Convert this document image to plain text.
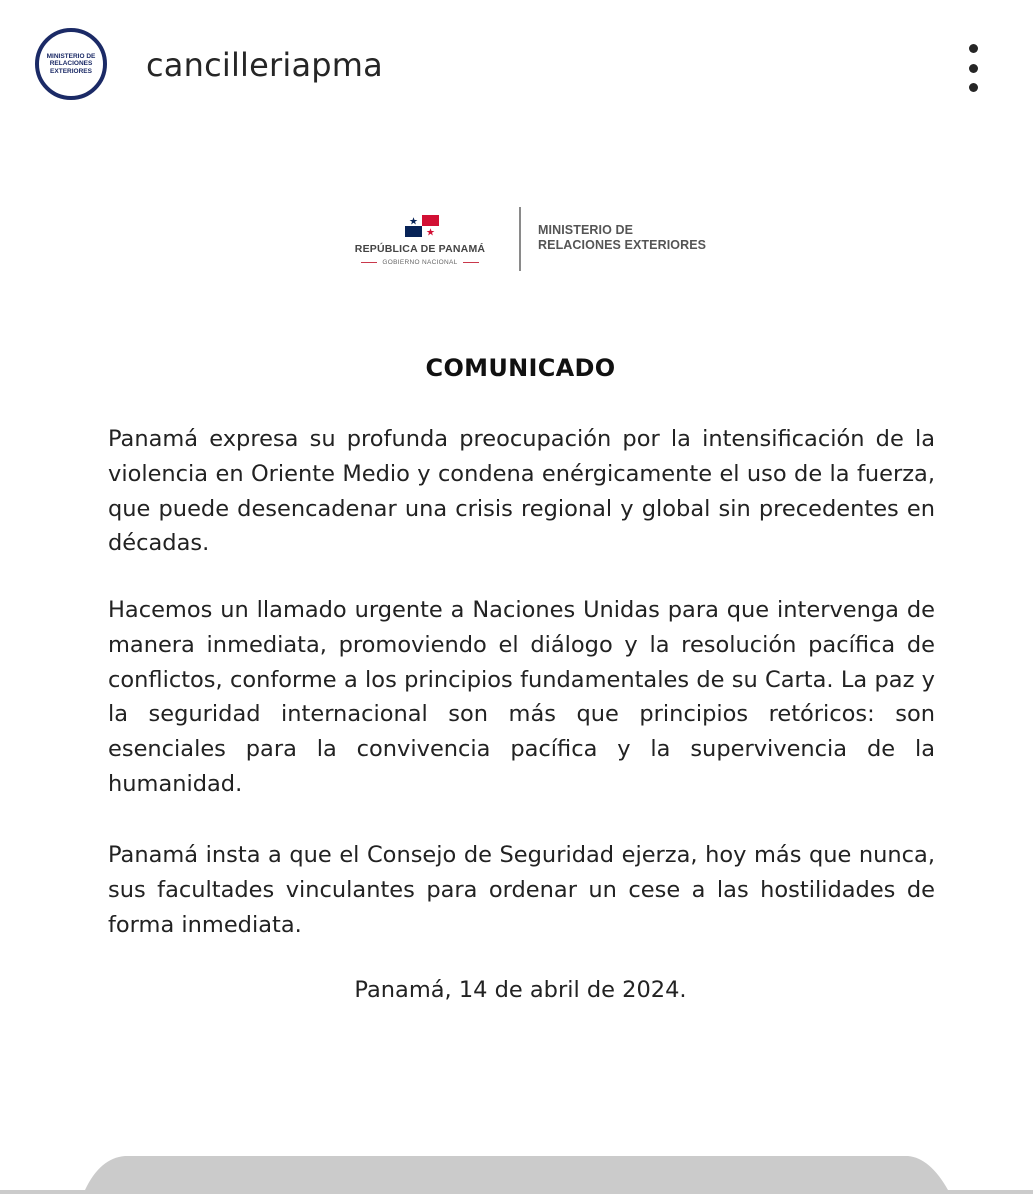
MINISTERIO DE RELACIONES EXTERIORES cancilleriapma
REPÚBLICA DE PANAMÁ
GOBIERNO NACIONAL
MINISTERIO DE
RELACIONES EXTERIORES
COMUNICADO

Panamá expresa su profunda preocupación por la intensificación de la violencia en Oriente Medio y condena enérgicamente el uso de la fuerza, que puede desencadenar una crisis regional y global sin precedentes en décadas.

Hacemos un llamado urgente a Naciones Unidas para que intervenga de manera inmediata, promoviendo el diálogo y la resolución pacífica de conflictos, conforme a los principios fundamentales de su Carta. La paz y la seguridad internacional son más que principios retóricos: son esenciales para la convivencia pacífica y la supervivencia de la humanidad.

Panamá insta a que el Consejo de Seguridad ejerza, hoy más que nunca, sus facultades vinculantes para ordenar un cese a las hostilidades de forma inmediata.

Panamá, 14 de abril de 2024.
